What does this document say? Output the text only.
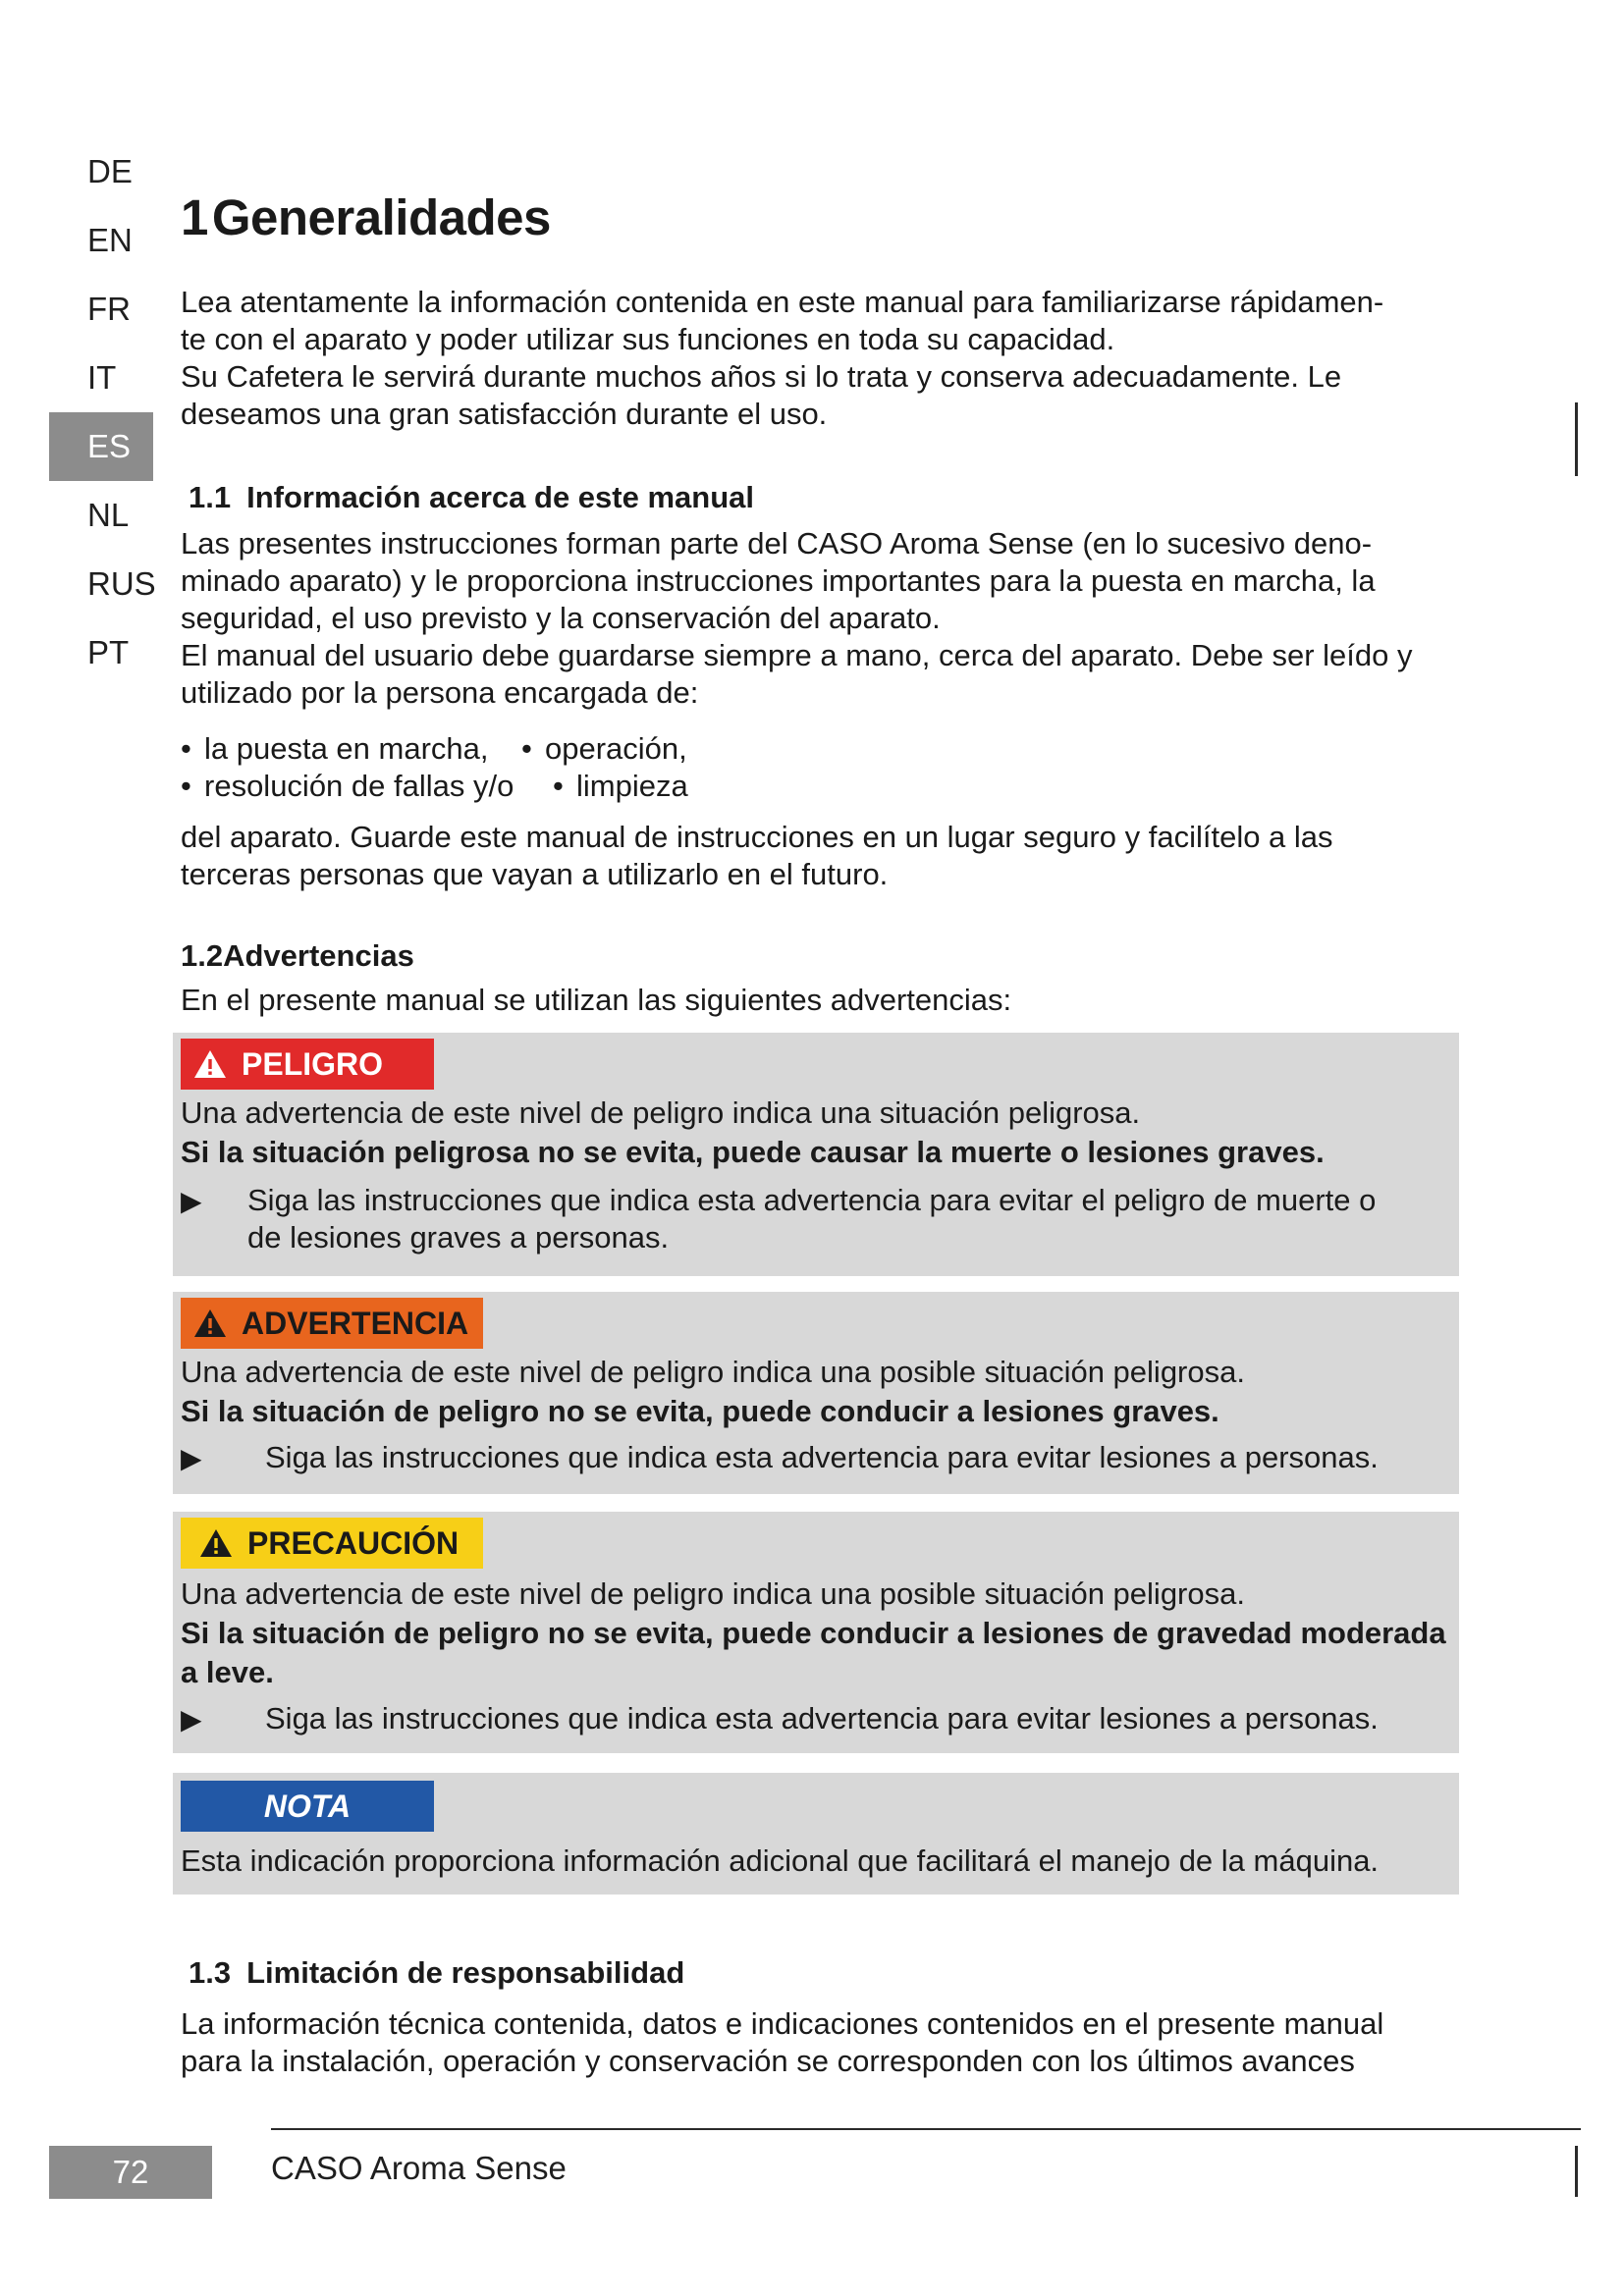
DE
EN
FR
IT
ES
NL
RUS
PT
1Generalidades

Lea atentamente la información contenida en este manual para familiarizarse rápidamen-

te con el aparato y poder utilizar sus funciones en toda su capacidad.

Su Cafetera le servirá durante muchos años si lo trata y conserva adecuadamente. Le

deseamos una gran satisfacción durante el uso.

1.1 Información acerca de este manual

Las presentes instrucciones forman parte del CASO Aroma Sense (en lo sucesivo deno-

minado aparato) y le proporciona instrucciones importantes para la puesta en marcha, la

seguridad, el uso previsto y la conservación del aparato.

El manual del usuario debe guardarse siempre a mano, cerca del aparato. Debe ser leído y

utilizado por la persona encargada de:

• la puesta en marcha, • operación,
• resolución de fallas y/o • limpieza

del aparato. Guarde este manual de instrucciones en un lugar seguro y facilítelo a las

terceras personas que vayan a utilizarlo en el futuro.

1.2Advertencias

En el presente manual se utilizan las siguientes advertencias:

PELIGRO

Una advertencia de este nivel de peligro indica una situación peligrosa.

Si la situación peligrosa no se evita, puede causar la muerte o lesiones graves.

▶	Siga las instrucciones que indica esta advertencia para evitar el peligro de muerte o

de lesiones graves a personas.

ADVERTENCIA

Una advertencia de este nivel de peligro indica una posible situación peligrosa.

Si la situación de peligro no se evita, puede conducir a lesiones graves.

▶	Siga las instrucciones que indica esta advertencia para evitar lesiones a personas.

PRECAUCIÓN

Una advertencia de este nivel de peligro indica una posible situación peligrosa.

Si la situación de peligro no se evita, puede conducir a lesiones de gravedad moderada

a leve.

▶	Siga las instrucciones que indica esta advertencia para evitar lesiones a personas.

NOTA

Esta indicación proporciona información adicional que facilitará el manejo de la máquina.

1.3 Limitación de responsabilidad

La información técnica contenida, datos e indicaciones contenidos en el presente manual

para la instalación, operación y conservación se corresponden con los últimos avances

72	CASO Aroma Sense
